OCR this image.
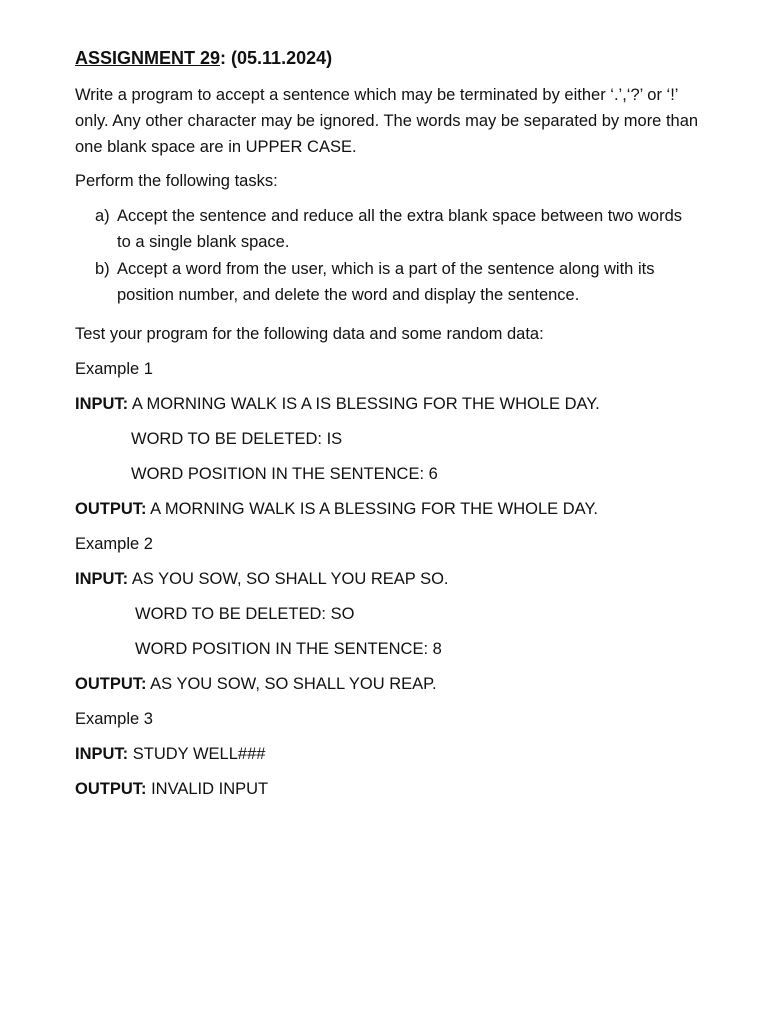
ASSIGNMENT 29: (05.11.2024)

Write a program to accept a sentence which may be terminated by either ‘.’,‘?’ or ‘!’ only. Any other character may be ignored. The words may be separated by more than one blank space are in UPPER CASE.

Perform the following tasks:

a) Accept the sentence and reduce all the extra blank space between two words to a single blank space.
b) Accept a word from the user, which is a part of the sentence along with its position number, and delete the word and display the sentence.
Test your program for the following data and some random data:
Example 1
INPUT: A MORNING WALK IS A IS BLESSING FOR THE WHOLE DAY.
WORD TO BE DELETED: IS
WORD POSITION IN THE SENTENCE: 6
OUTPUT: A MORNING WALK IS A BLESSING FOR THE WHOLE DAY.
Example 2
INPUT: AS YOU SOW, SO SHALL YOU REAP SO.
WORD TO BE DELETED: SO
WORD POSITION IN THE SENTENCE: 8
OUTPUT: AS YOU SOW, SO SHALL YOU REAP.
Example 3
INPUT: STUDY WELL###
OUTPUT: INVALID INPUT
